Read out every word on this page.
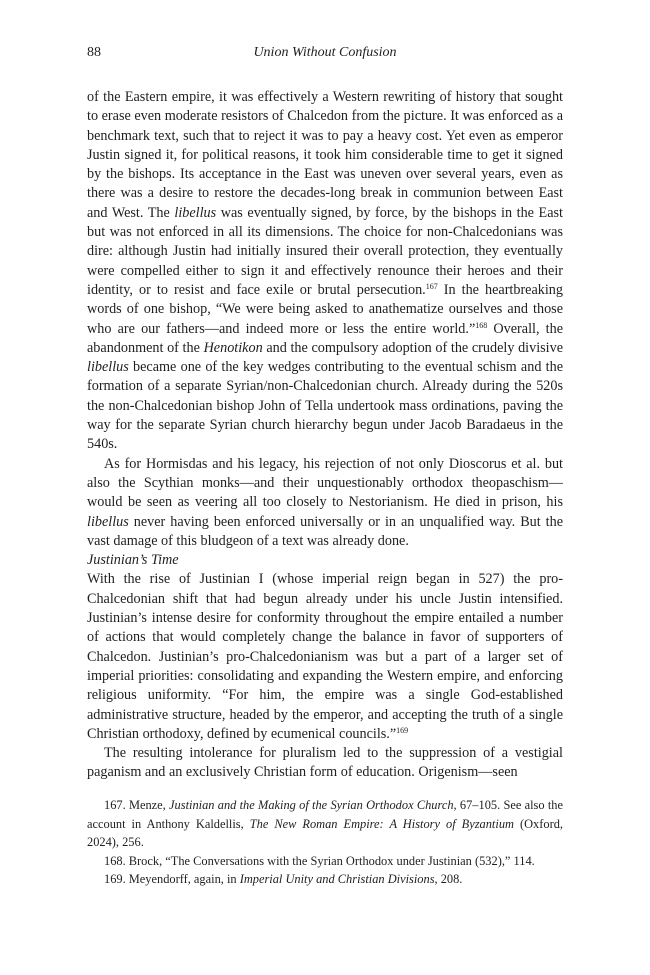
88	Union Without Confusion

of the Eastern empire, it was effectively a Western rewriting of history that sought to erase even moderate resistors of Chalcedon from the picture. It was enforced as a benchmark text, such that to reject it was to pay a heavy cost. Yet even as emperor Justin signed it, for political reasons, it took him considerable time to get it signed by the bishops. Its acceptance in the East was uneven over several years, even as there was a desire to restore the decades-long break in communion between East and West. The libellus was eventually signed, by force, by the bishops in the East but was not enforced in all its dimensions. The choice for non-Chalcedonians was dire: although Justin had initially insured their overall protection, they eventually were compelled either to sign it and effectively renounce their heroes and their identity, or to resist and face exile or brutal persecution.$^{167}$ In the heartbreaking words of one bishop, “We were being asked to anathematize ourselves and those who are our fathers—and indeed more or less the entire world.”$^{168}$ Overall, the abandonment of the Henotikon and the compulsory adoption of the crudely divisive libellus became one of the key wedges contributing to the eventual schism and the formation of a separate Syrian/non-Chalcedonian church. Already during the 520s the non-Chalcedonian bishop John of Tella undertook mass ordinations, paving the way for the separate Syrian church hierarchy begun under Jacob Baradaeus in the 540s.

As for Hormisdas and his legacy, his rejection of not only Dioscorus et al. but also the Scythian monks—and their unquestionably orthodox theopaschism—would be seen as veering all too closely to Nestorianism. He died in prison, his libellus never having been enforced universally or in an unqualified way. But the vast damage of this bludgeon of a text was already done.

Justinian’s Time

With the rise of Justinian I (whose imperial reign began in 527) the pro-Chalcedonian shift that had begun already under his uncle Justin intensified. Justinian’s intense desire for conformity throughout the empire entailed a number of actions that would completely change the balance in favor of supporters of Chalcedon. Justinian’s pro-Chalcedonianism was but a part of a larger set of imperial priorities: consolidating and expanding the Western empire, and enforcing religious uniformity. “For him, the empire was a single God-established administrative structure, headed by the emperor, and accepting the truth of a single Christian orthodoxy, defined by ecumenical councils.”$^{169}$

The resulting intolerance for pluralism led to the suppression of a vestigial paganism and an exclusively Christian form of education. Origenism—seen

167. Menze, Justinian and the Making of the Syrian Orthodox Church, 67–105. See also the account in Anthony Kaldellis, The New Roman Empire: A History of Byzantium (Oxford, 2024), 256.

168. Brock, “The Conversations with the Syrian Orthodox under Justinian (532),” 114.

169. Meyendorff, again, in Imperial Unity and Christian Divisions, 208.
